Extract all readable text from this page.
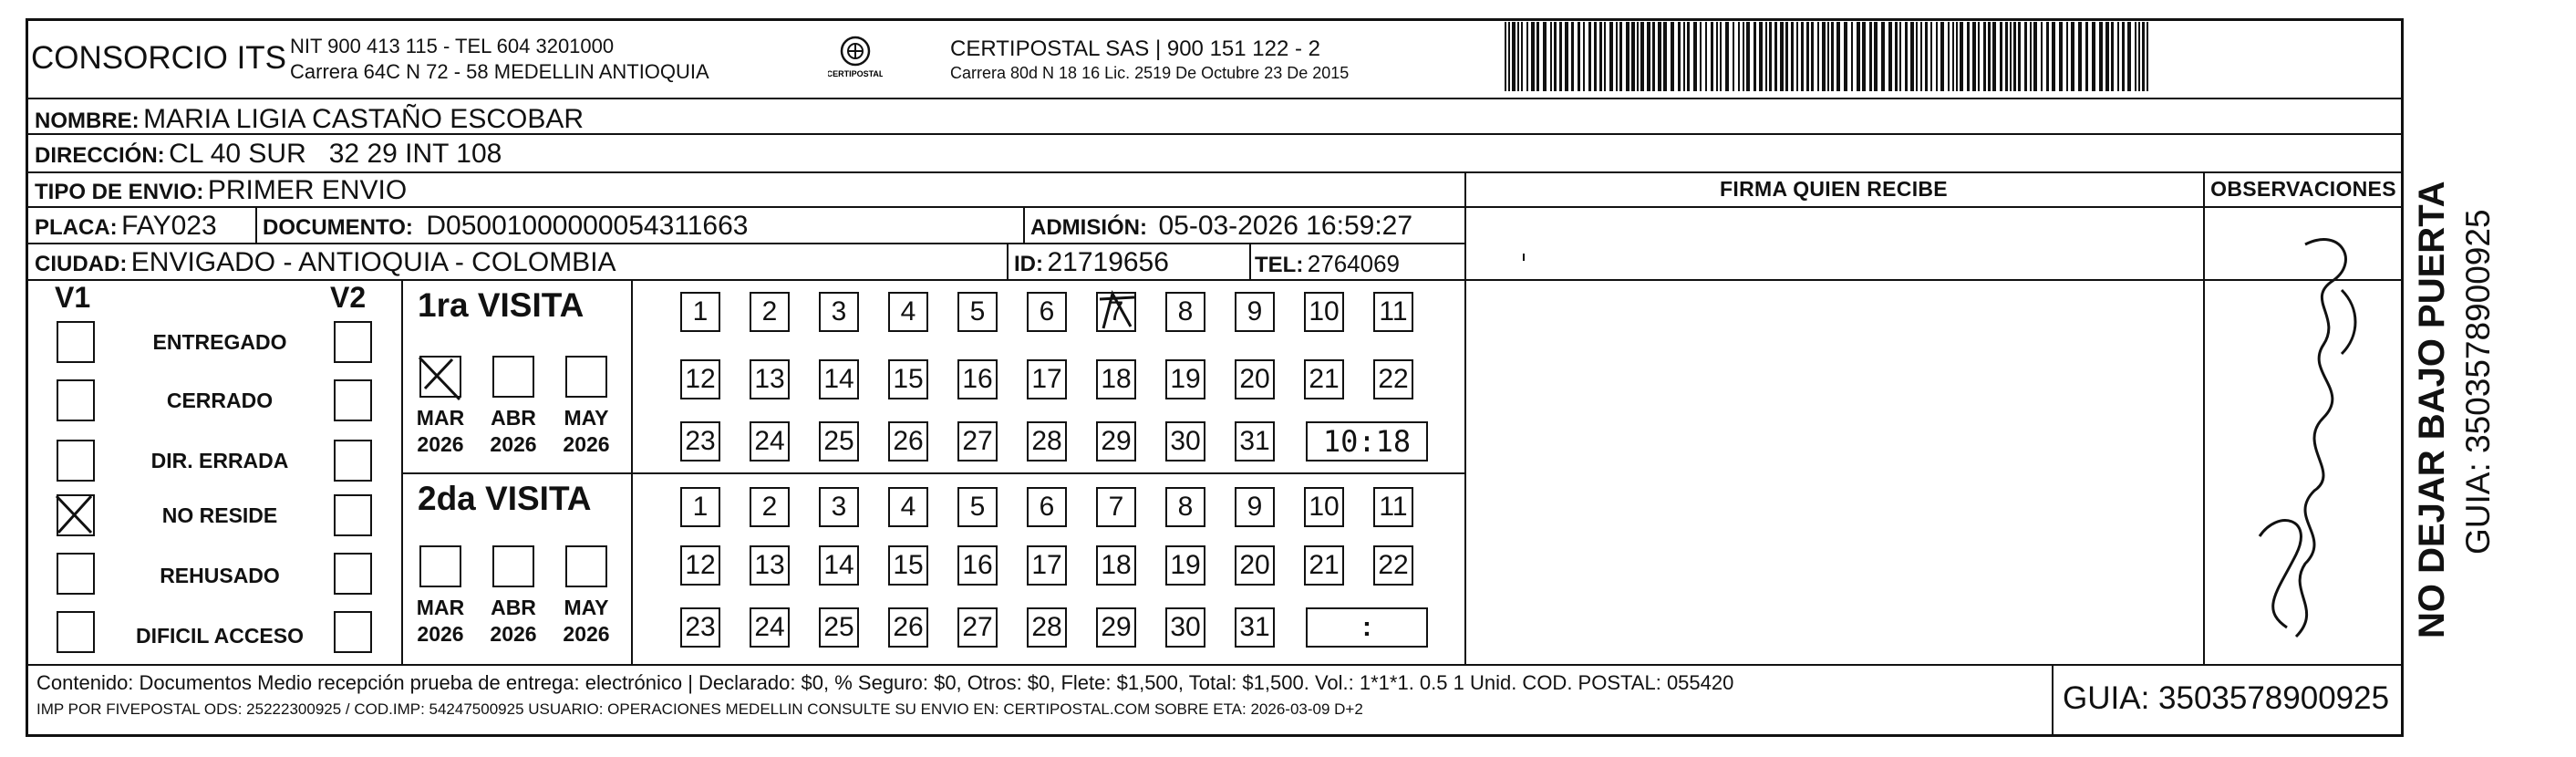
CONSORCIO ITS NIT 900 413 115 - TEL 604 3201000
Carrera 64C N 72 - 58 MEDELLIN ANTIOQUIA	CERTIPOSTAL
CERTIPOSTAL SAS | 900 151 122 - 2
Carrera 80d N 18 16 Lic. 2519 De Octubre 23 De 2015
NOMBRE: MARIA LIGIA CASTAÑO ESCOBAR
DIRECCIÓN: CL 40 SUR   32 29 INT 108
TIPO DE ENVIO: PRIMER ENVIO
PLACA: FAY023 DOCUMENTO: D05001000000054311663	ADMISIÓN: 05-03-2026 16:59:27
CIUDAD: ENVIGADO - ANTIOQUIA - COLOMBIA	ID: 21719656	TEL: 2764069
FIRMA QUIEN RECIBE	OBSERVACIONES
V1	V2
ENTREGADO
CERRADO
DIR. ERRADA
NO RESIDE
REHUSADO
DIFICIL ACCESO
1ra VISITA
MAR ABR MAY
2026 2026 2026
1 2 3 4 5 6 7 8 9 10 11
12 13 14 15 16 17 18 19 20 21 22
23 24 25 26 27 28 29 30 31 10:18
2da VISITA
MAR ABR MAY
2026 2026 2026
1 2 3 4 5 6 7 8 9 10 11
12 13 14 15 16 17 18 19 20 21 22
23 24 25 26 27 28 29 30 31	:
Contenido: Documentos Medio recepción prueba de entrega: electrónico | Declarado: $0, % Seguro: $0, Otros: $0, Flete: $1,500, Total: $1,500. Vol.: 1*1*1. 0.5 1 Unid. COD. POSTAL: 055420
IMP POR FIVEPOSTAL ODS: 25222300925 / COD.IMP: 54247500925 USUARIO: OPERACIONES MEDELLIN CONSULTE SU ENVIO EN: CERTIPOSTAL.COM SOBRE ETA: 2026-03-09 D+2	GUIA: 3503578900925
NO DEJAR BAJO PUERTA GUIA: 3503578900925
